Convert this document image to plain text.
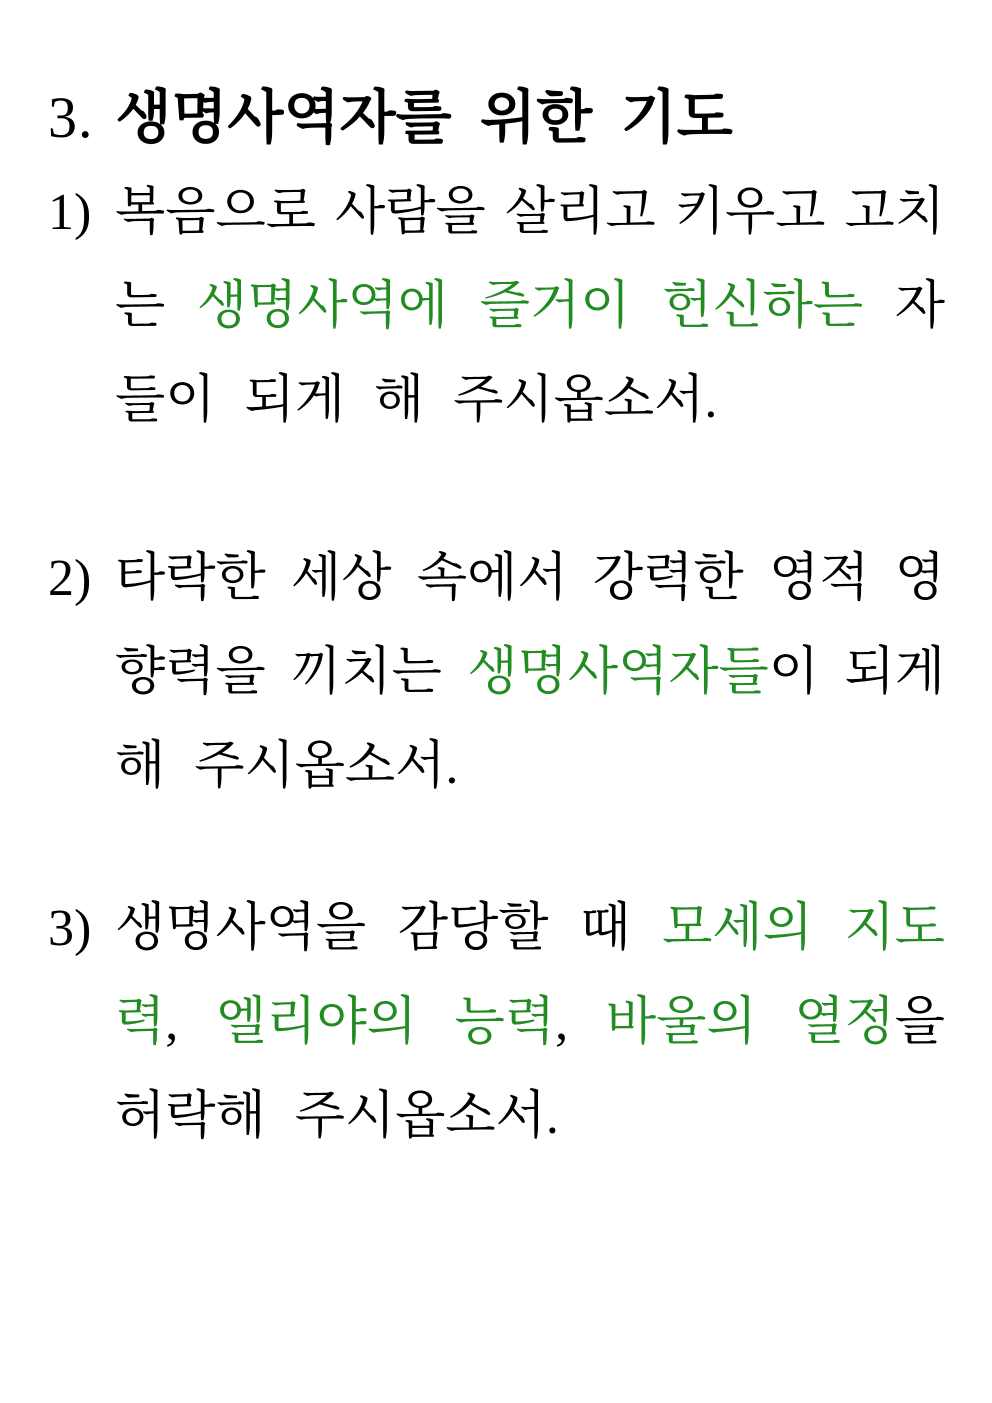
3. 생명사역자를 위한 기도
1) 복음으로 사람을 살리고 키우고 고치
는 생명사역에 즐거이 헌신하는 자
들이 되게 해 주시옵소서.
2) 타락한 세상 속에서 강력한 영적 영
향력을 끼치는 생명사역자들이 되게
해 주시옵소서.
3) 생명사역을 감당할 때 모세의 지도
력, 엘리야의 능력, 바울의 열정을
허락해 주시옵소서.
